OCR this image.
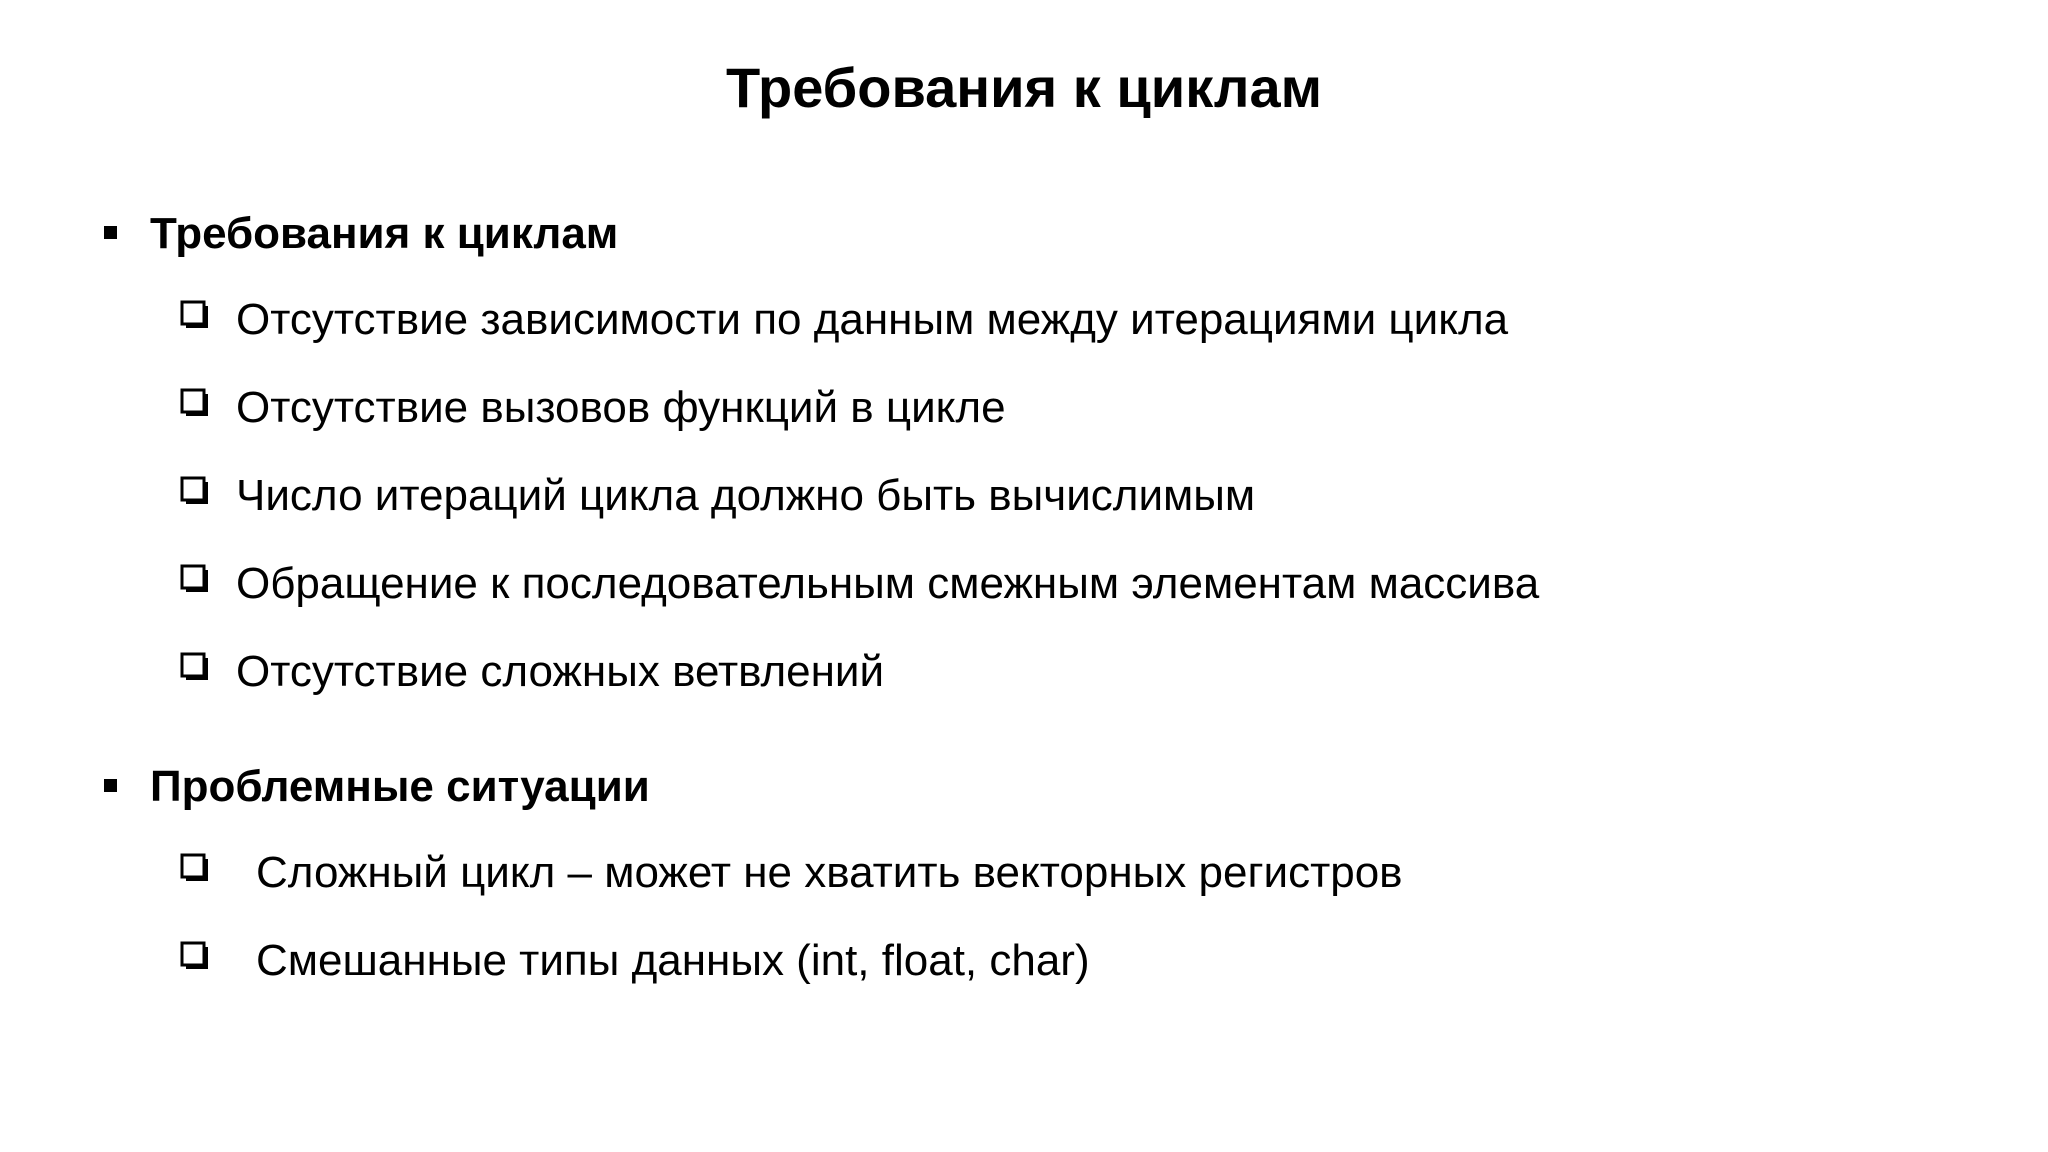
Требования к циклам
Требования к циклам
Отсутствие зависимости по данным между итерациями цикла
Отсутствие вызовов функций в цикле
Число итераций цикла должно быть вычислимым
Обращение к последовательным смежным элементам массива
Отсутствие сложных ветвлений
Проблемные ситуации
Сложный цикл – может не хватить векторных регистров
Смешанные типы данных (int, float, char)
